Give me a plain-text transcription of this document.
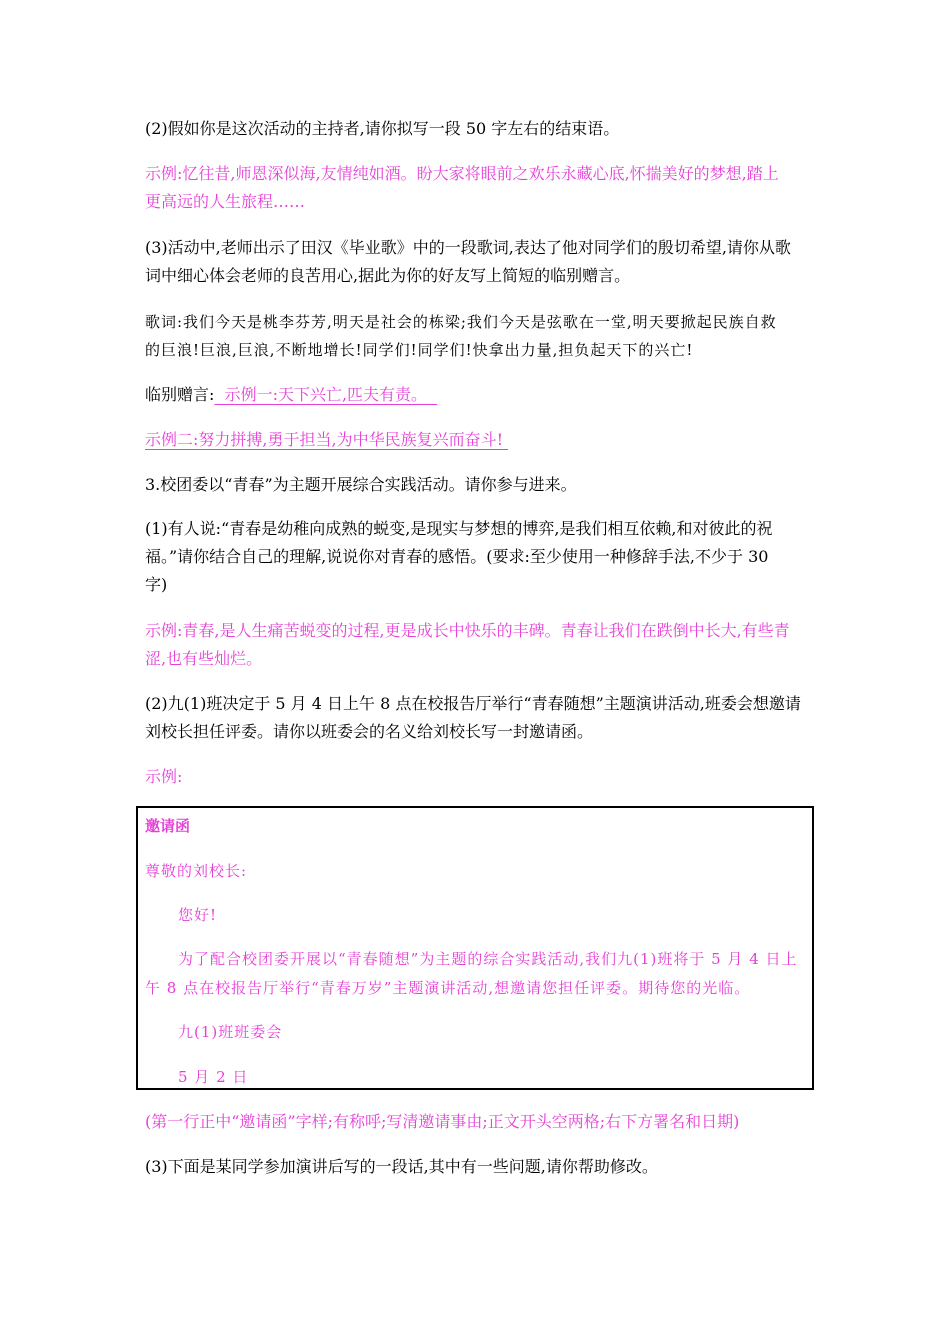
(2)假如你是这次活动的主持者,请你拟写一段 50 字左右的结束语。
示例:忆往昔,师恩深似海,友情纯如酒。盼大家将眼前之欢乐永藏心底,怀揣美好的梦想,踏上
更高远的人生旅程……
(3)活动中,老师出示了田汉《毕业歌》中的一段歌词,表达了他对同学们的殷切希望,请你从歌
词中细心体会老师的良苦用心,据此为你的好友写上简短的临别赠言。
歌词:我们今天是桃李芬芳,明天是社会的栋梁;我们今天是弦歌在一堂,明天要掀起民族自救
的巨浪!巨浪,巨浪,不断地增长!同学们!同学们!快拿出力量,担负起天下的兴亡!
临别赠言:  示例一:天下兴亡,匹夫有责。
示例二:努力拼搏,勇于担当,为中华民族复兴而奋斗!
3.校团委以“青春”为主题开展综合实践活动。请你参与进来。
(1)有人说:“青春是幼稚向成熟的蜕变,是现实与梦想的博弈,是我们相互依赖,和对彼此的祝
福。”请你结合自己的理解,说说你对青春的感悟。(要求:至少使用一种修辞手法,不少于 30
字)
示例:青春,是人生痛苦蜕变的过程,更是成长中快乐的丰碑。青春让我们在跌倒中长大,有些青
涩,也有些灿烂。
(2)九(1)班决定于 5 月 4 日上午 8 点在校报告厅举行“青春随想”主题演讲活动,班委会想邀请
刘校长担任评委。请你以班委会的名义给刘校长写一封邀请函。
示例:
邀请函
尊敬的刘校长:
您好!
为了配合校团委开展以“青春随想”为主题的综合实践活动,我们九(1)班将于 5 月 4 日上
午 8 点在校报告厅举行“青春万岁”主题演讲活动,想邀请您担任评委。期待您的光临。
九(1)班班委会
5 月 2 日
(第一行正中“邀请函”字样;有称呼;写清邀请事由;正文开头空两格;右下方署名和日期)
(3)下面是某同学参加演讲后写的一段话,其中有一些问题,请你帮助修改。
